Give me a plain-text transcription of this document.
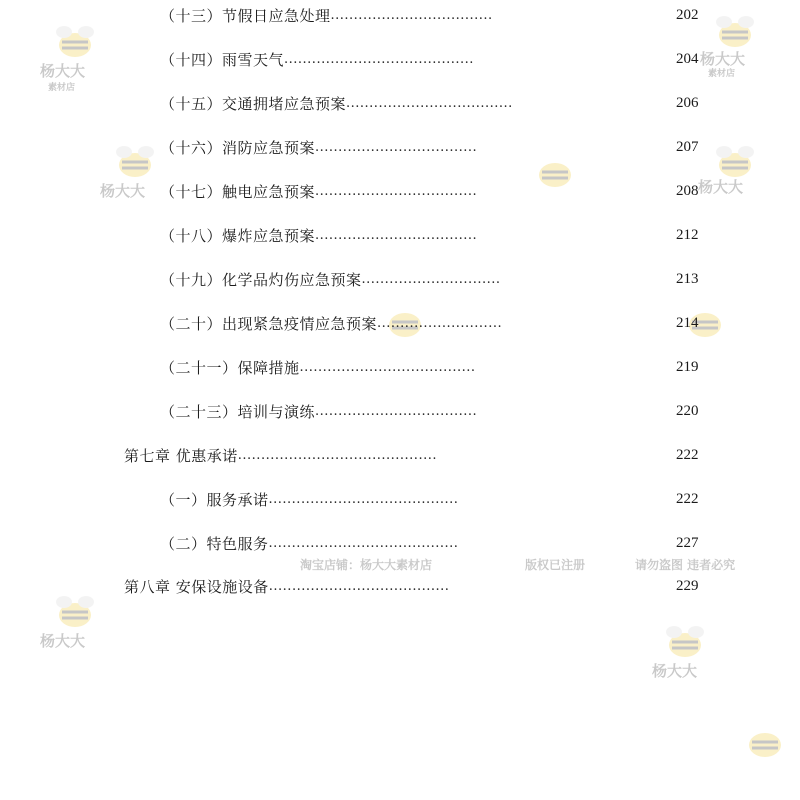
杨大大
素材店
杨大大
素材店
杨大大	杨大大
杨大大
杨大大
淘宝店铺：杨大大素材店	版权已注册	请勿盗图 违者必究
（十三）节假日应急处理 ...................................	202
（十四）雨雪天气 .........................................	204
（十五）交通拥堵应急预案 ....................................	206
（十六）消防应急预案 ...................................	207
（十七）触电应急预案 ...................................	208
（十八）爆炸应急预案 ...................................	212
（十九）化学品灼伤应急预案 ..............................	213
（二十）出现紧急疫情应急预案 ...........................	214
（二十一）保障措施 ......................................	219
（二十三）培训与演练 ...................................	220
第七章 优惠承诺 ...........................................	222
（一）服务承诺 .........................................	222
（二）特色服务 .........................................	227
第八章 安保设施设备 .......................................	229
